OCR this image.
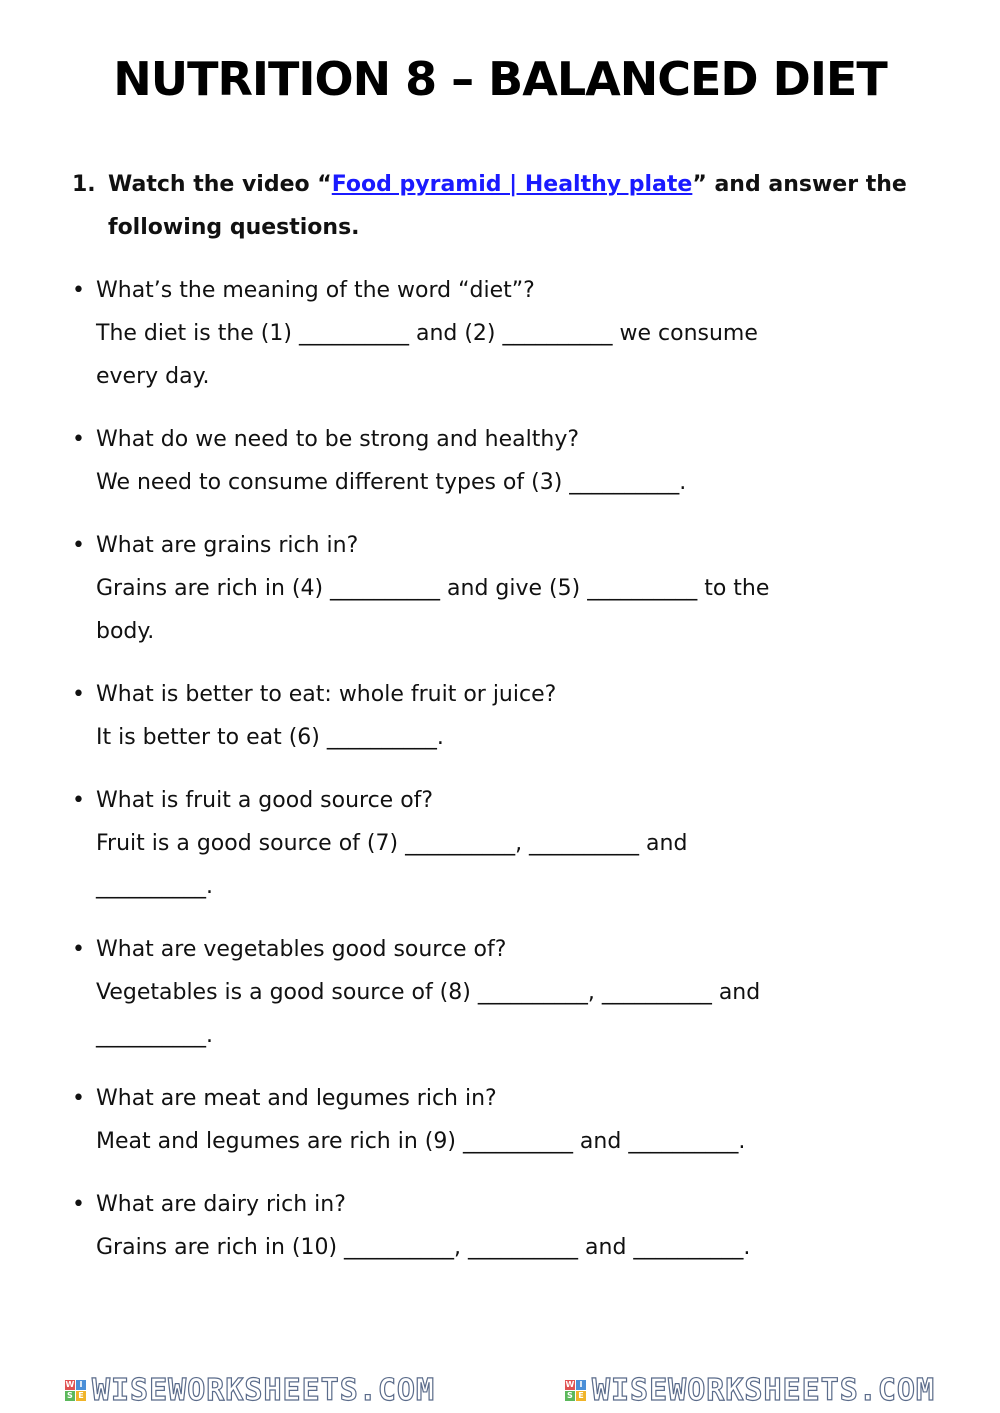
NUTRITION 8 – BALANCED DIET
1. Watch the video “Food pyramid | Healthy plate” and answer the following questions.
• What’s the meaning of the word “diet”?
The diet is the (1) __________ and (2) __________ we consume
every day.
• What do we need to be strong and healthy?
We need to consume different types of (3) __________.
• What are grains rich in?
Grains are rich in (4) __________ and give (5) __________ to the
body.
• What is better to eat: whole fruit or juice?
It is better to eat (6) __________.
• What is fruit a good source of?
Fruit is a good source of (7) __________, __________ and
__________.
• What are vegetables good source of?
Vegetables is a good source of (8) __________, __________ and
__________.
• What are meat and legumes rich in?
Meat and legumes are rich in (9) __________ and __________.
• What are dairy rich in?
Grains are rich in (10) __________, __________ and __________.
W I
S E WISEWORKSHEETS.COM	W I
S E WISEWORKSHEETS.COM
